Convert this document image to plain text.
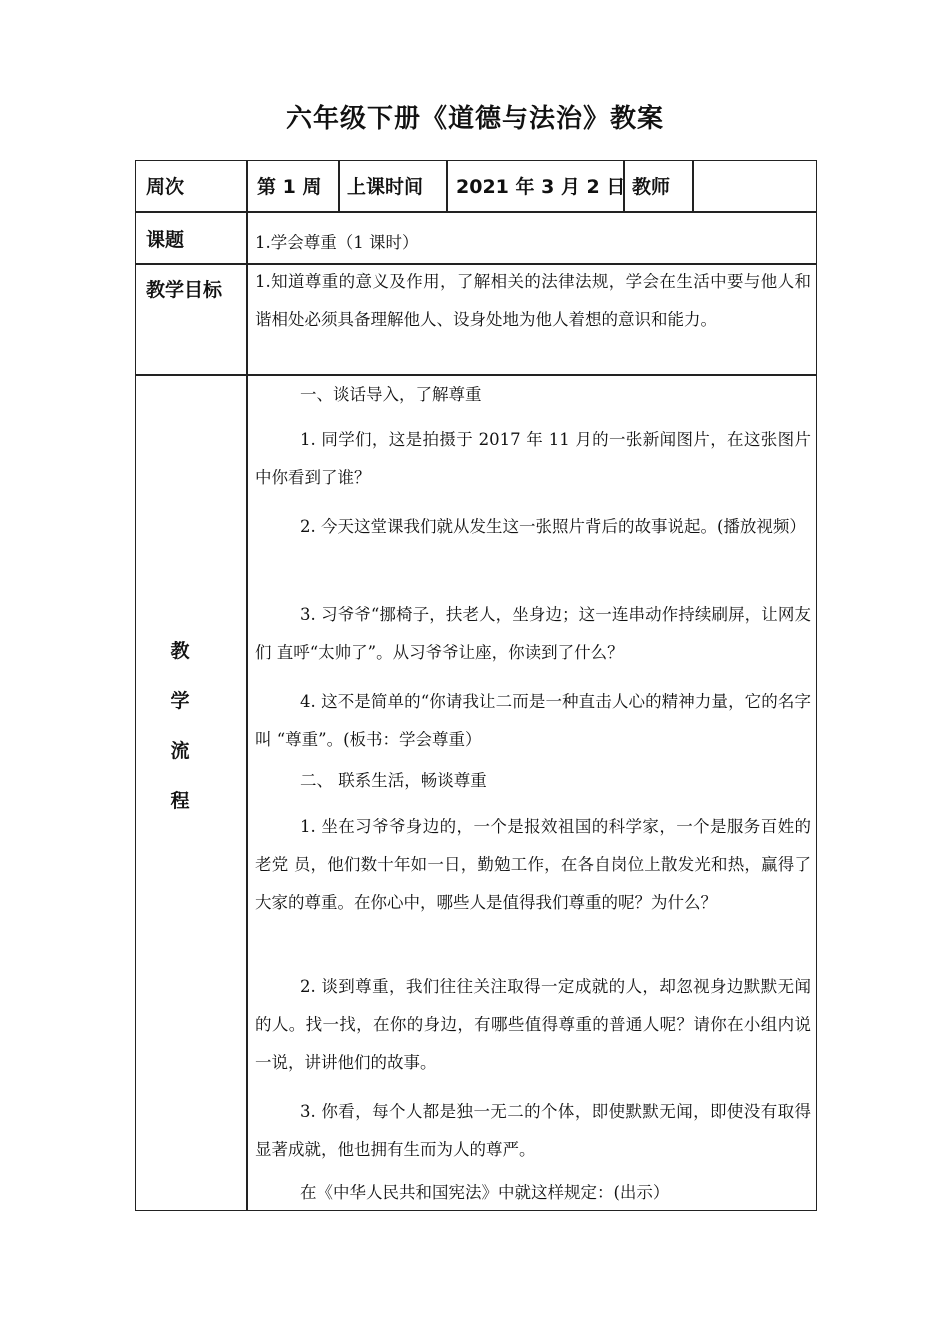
六年级下册《道德与法治》教案
周次	第 1 周 上课时间 2021 年 3 月 2 日 教师
课题	1.学会尊重（1 课时）
教学目标 1.知道尊重的意义及作用，了解相关的法律法规，学会在生活中要与他人和谐相处必须具备理解他人、设身处地为他人着想的意识和能力。
教
学
流
程
一、谈话导入，了解尊重
1. 同学们，这是拍摄于 2017 年 11 月的一张新闻图片，在这张图片中你看到了谁？
2. 今天这堂课我们就从发生这一张照片背后的故事说起。(播放视频）
3. 习爷爷“挪椅子，扶老人，坐身边；这一连串动作持续刷屏，让网友们 直呼“太帅了”。从习爷爷让座，你读到了什么？
4. 这不是简单的“你请我让二而是一种直击人心的精神力量，它的名字叫 “尊重”。(板书：学会尊重）
二、 联系生活，畅谈尊重
1. 坐在习爷爷身边的，一个是报效祖国的科学家，一个是服务百姓的老党 员，他们数十年如一日，勤勉工作，在各自岗位上散发光和热，赢得了大家的尊重。在你心中，哪些人是值得我们尊重的呢？为什么？
2. 谈到尊重，我们往往关注取得一定成就的人，却忽视身边默默无闻的人。找一找，在你的身边，有哪些值得尊重的普通人呢？请你在小组内说一说，讲讲他们的故事。
3. 你看，每个人都是独一无二的个体，即使默默无闻，即使没有取得显著成就，他也拥有生而为人的尊严。
在《中华人民共和国宪法》中就这样规定：(出示）
